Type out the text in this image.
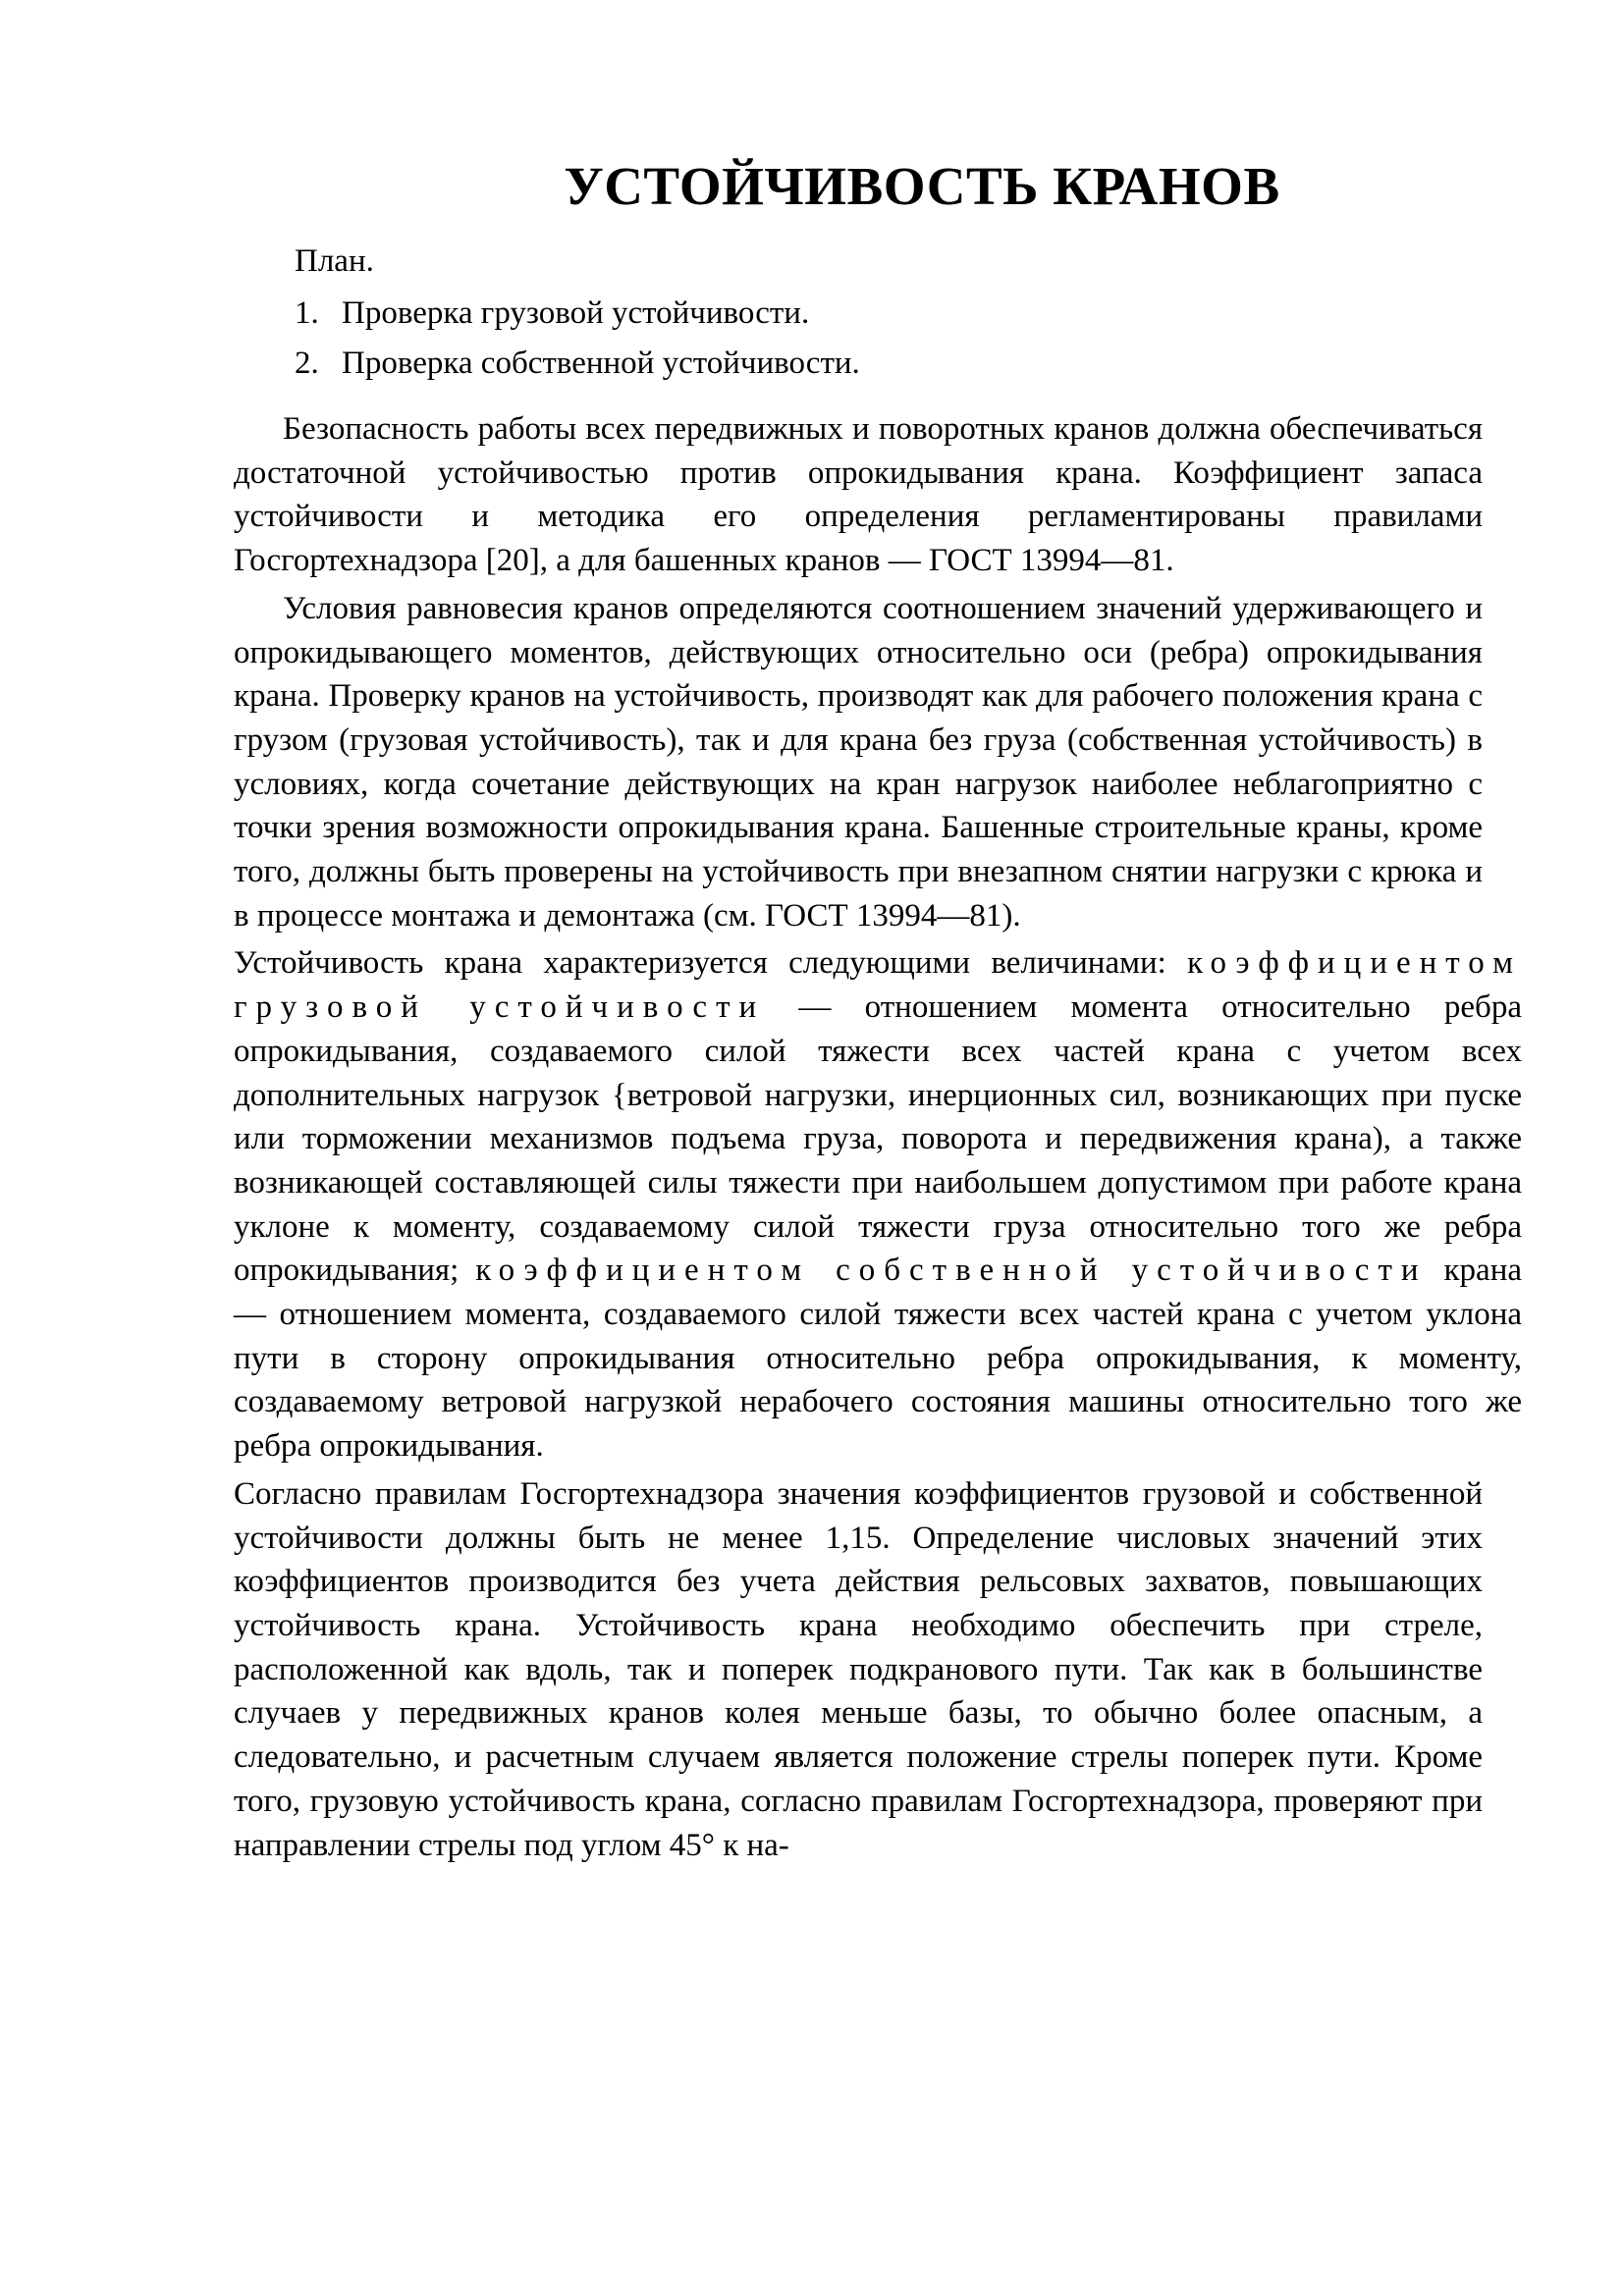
УСТОЙЧИВОСТЬ КРАНОВ
План.
1. Проверка грузовой устойчивости.
2. Проверка собственной устойчивости.

Безопасность работы всех передвижных и поворотных кранов должна обеспечиваться достаточной устойчивостью против опрокидывания крана. Коэффициент запаса устойчивости и методика его определения регламентированы правилами Госгортехнадзора [20], а для башенных кранов — ГОСТ 13994—81.

Условия равновесия кранов определяются соотношением значений удерживающего и опрокидывающего моментов, действующих относительно оси (ребра) опрокидывания крана. Проверку кранов на устойчивость, производят как для рабочего положения крана с грузом (грузовая устойчивость), так и для крана без груза (собственная устойчивость) в условиях, когда сочетание действующих на кран нагрузок наиболее неблагоприятно с точки зрения возможности опрокидывания крана. Башенные строительные краны, кроме того, должны быть проверены на устойчивость при внезапном снятии нагрузки с крюка и в процессе монтажа и демонтажа (см. ГОСТ 13994—81).

Устойчивость крана характеризуется следующими величинами: коэффициентом грузовой устойчивости — отношением момента относительно ребра опрокидывания, создаваемого силой тяжести всех частей крана с учетом всех дополнительных нагрузок {ветровой нагрузки, инерционных сил, возникающих при пуске или торможении механизмов подъема груза, поворота и передвижения крана), а также возникающей составляющей силы тяжести при наибольшем допустимом при работе крана уклоне к моменту, создаваемому силой тяжести груза относительно того же ребра опрокидывания; коэффициентом собственной устойчивости крана — отношением момента, создаваемого силой тяжести всех частей крана с учетом уклона пути в сторону опрокидывания относительно ребра опрокидывания, к моменту, создаваемому ветровой нагрузкой нерабочего состояния машины относительно того же ребра опрокидывания.

Согласно правилам Госгортехнадзора значения коэффициентов грузовой и собственной устойчивости должны быть не менее 1,15. Определение числовых значений этих коэффициентов производится без учета действия рельсовых захватов, повышающих устойчивость крана. Устойчивость крана необходимо обеспечить при стреле, расположенной как вдоль, так и поперек подкранового пути. Так как в большинстве случаев у передвижных кранов колея меньше базы, то обычно более опасным, а следовательно, и расчетным случаем является положение стрелы поперек пути. Кроме того, грузовую устойчивость крана, согласно правилам Госгортехнадзора, проверяют при направлении стрелы под углом 45° к на-
